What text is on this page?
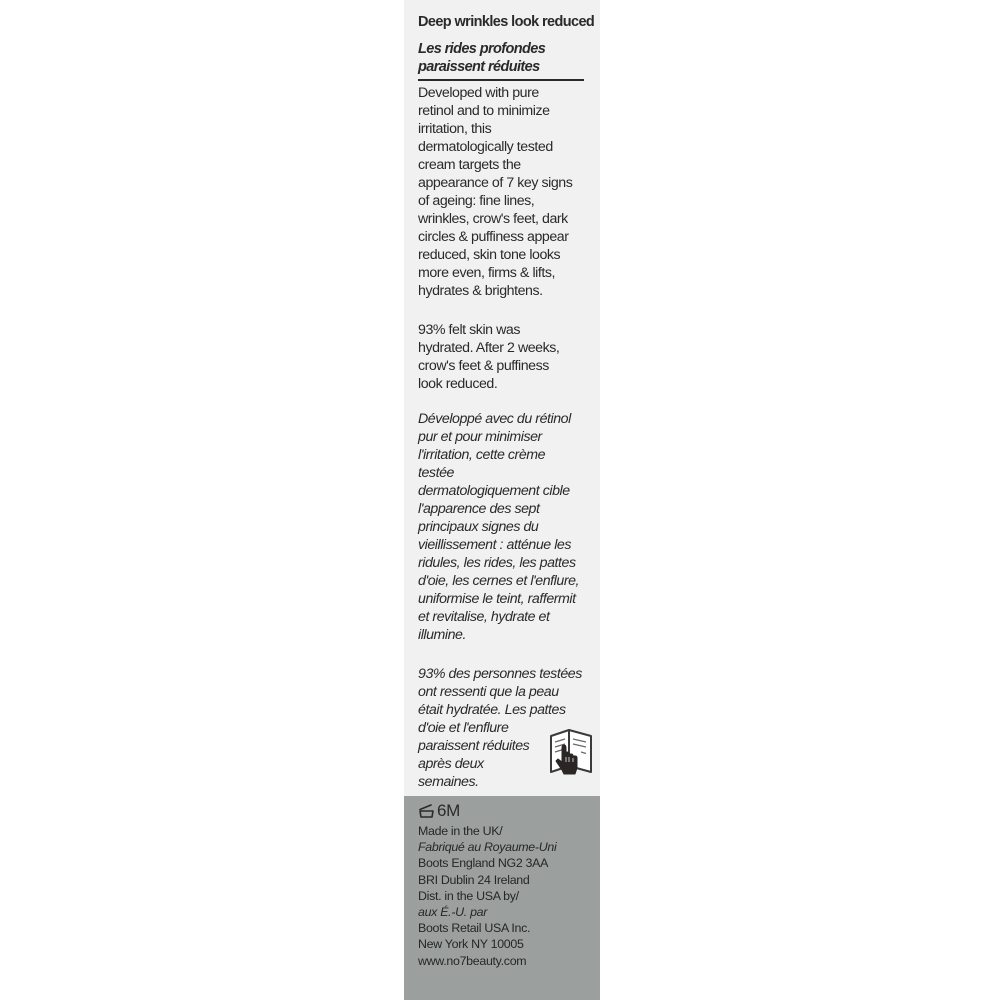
Deep wrinkles look reduced
Les rides profondes
paraissent réduites
Developed with pure
retinol and to minimize
irritation, this
dermatologically tested
cream targets the
appearance of 7 key signs
of ageing: fine lines,
wrinkles, crow's feet, dark
circles & puffiness appear
reduced, skin tone looks
more even, firms & lifts,
hydrates & brightens.
93% felt skin was
hydrated. After 2 weeks,
crow's feet & puffiness
look reduced.
Développé avec du rétinol
pur et pour minimiser
l'irritation, cette crème
testée
dermatologiquement cible
l'apparence des sept
principaux signes du
vieillissement : atténue les
ridules, les rides, les pattes
d'oie, les cernes et l'enflure,
uniformise le teint, raffermit
et revitalise, hydrate et
illumine.
93% des personnes testées
ont ressenti que la peau
était hydratée. Les pattes
d'oie et l'enflure
paraissent réduites
après deux
semaines.
6M
Made in the UK/
Fabriqué au Royaume-Uni
Boots England NG2 3AA
BRI Dublin 24 Ireland
Dist. in the USA by/
aux É.-U. par
Boots Retail USA Inc.
New York NY 10005
www.no7beauty.com
